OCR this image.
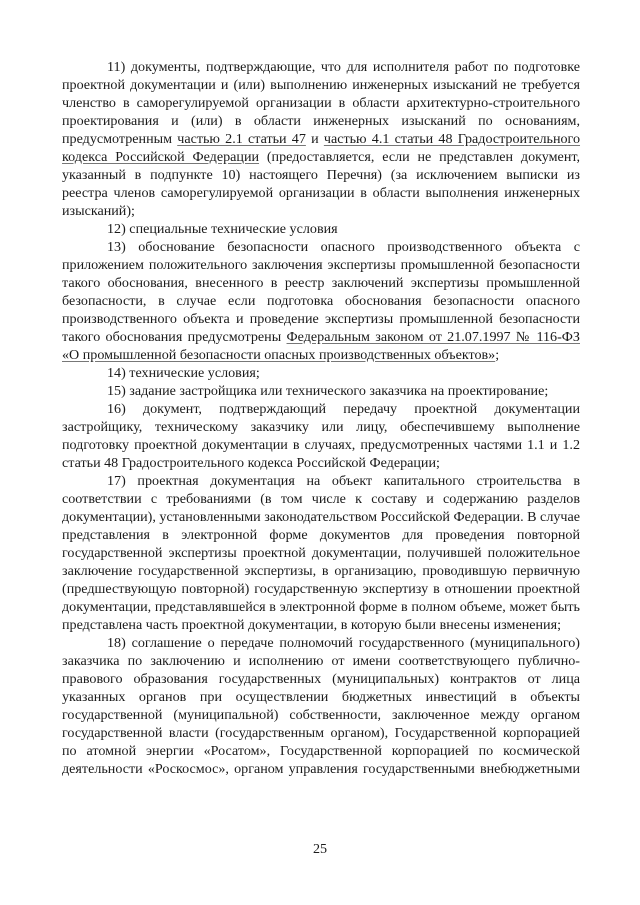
11) документы, подтверждающие, что для исполнителя работ по подготовке проектной документации и (или) выполнению инженерных изысканий не требуется членство в саморегулируемой организации в области архитектурно-строительного проектирования и (или) в области инженерных изысканий по основаниям, предусмотренным частью 2.1 статьи 47 и частью 4.1 статьи 48 Градостроительного кодекса Российской Федерации (предоставляется, если не представлен документ, указанный в подпункте 10) настоящего Перечня) (за исключением выписки из реестра членов саморегулируемой организации в области выполнения инженерных изысканий);

12) специальные технические условия

13) обоснование безопасности опасного производственного объекта с приложением положительного заключения экспертизы промышленной безопасности такого обоснования, внесенного в реестр заключений экспертизы промышленной безопасности, в случае если подготовка обоснования безопасности опасного производственного объекта и проведение экспертизы промышленной безопасности такого обоснования предусмотрены Федеральным законом от 21.07.1997 № 116-ФЗ «О промышленной безопасности опасных производственных объектов»;

14) технические условия;

15) задание застройщика или технического заказчика на проектирование;

16) документ, подтверждающий передачу проектной документации застройщику, техническому заказчику или лицу, обеспечившему выполнение подготовку проектной документации в случаях, предусмотренных частями 1.1 и 1.2 статьи 48 Градостроительного кодекса Российской Федерации;

17) проектная документация на объект капитального строительства в соответствии с требованиями (в том числе к составу и содержанию разделов документации), установленными законодательством Российской Федерации. В случае представления в электронной форме документов для проведения повторной государственной экспертизы проектной документации, получившей положительное заключение государственной экспертизы, в организацию, проводившую первичную (предшествующую повторной) государственную экспертизу в отношении проектной документации, представлявшейся в электронной форме в полном объеме, может быть представлена часть проектной документации, в которую были внесены изменения;

18) соглашение о передаче полномочий государственного (муниципального) заказчика по заключению и исполнению от имени соответствующего публично-правового образования государственных (муниципальных) контрактов от лица указанных органов при осуществлении бюджетных инвестиций в объекты государственной (муниципальной) собственности, заключенное между органом государственной власти (государственным органом), Государственной корпорацией по атомной энергии «Росатом», Государственной корпорацией по космической деятельности «Роскосмос», органом управления государственными внебюджетными

25
